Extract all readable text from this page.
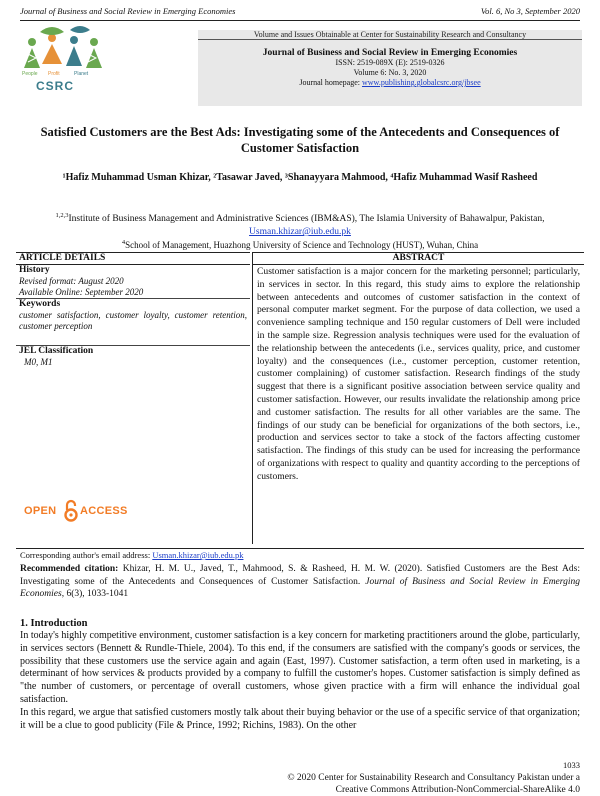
Journal of Business and Social Review in Emerging Economies	Vol. 6, No 3, September 2020
People Profit	Planet
CSRC
Volume and Issues Obtainable at Center for Sustainability Research and Consultancy
Journal of Business and Social Review in Emerging Economies
ISSN: 2519-089X (E): 2519-0326
Volume 6: No. 3, 2020
Journal homepage: www.publishing.globalcsrc.org/jbsee
Satisfied Customers are the Best Ads: Investigating some of the Antecedents and Consequences of Customer Satisfaction
¹Hafiz Muhammad Usman Khizar, ²Tasawar Javed, ³Shanayyara Mahmood, ⁴Hafiz Muhammad Wasif Rasheed
$^{1,2,3}$Institute of Business Management and Administrative Sciences (IBM&AS), The Islamia University of Bahawalpur, Pakistan, Usman.khizar@iub.edu.pk
$^4$School of Management, Huazhong University of Science and Technology (HUST), Wuhan, China
ARTICLE DETAILS
History
Revised format: August 2020
Available Online: September 2020
Keywords
customer satisfaction, customer loyalty, customer retention, customer perception
JEL Classification
M0, M1
OPEN ACCESS
ABSTRACT
Customer satisfaction is a major concern for the marketing personnel; particularly, in services in sector. In this regard, this study aims to explore the relationship between antecedents and outcomes of customer satisfaction in the context of personal computer market segment. For the purpose of data collection, we used a convenience sampling technique and 150 regular customers of Dell were included in the sample size. Regression analysis techniques were used for the evaluation of the relationship between the antecedents (i.e., services quality, price, and customer loyalty) and the consequences (i.e., customer perception, customer retention, customer complaining) of customer satisfaction. Research findings of the study suggest that there is a significant positive association between service quality and customer satisfaction. However, our results invalidate the relationship among price and customer satisfaction. The results for all other variables are the same. The findings of our study can be beneficial for organizations of the both sectors, i.e., production and services sector to take a stock of the factors affecting customer satisfaction. The findings of this study can be used for increasing the performance of organizations with respect to quality and quantity according to the perceptions of customers.
© 2020 Center for Sustainability Research and Consultancy Pakistan under a Creative Commons Attribution-NonCommercial-ShareAlike 4.0
Corresponding author's email address: Usman.khizar@iub.edu.pk
Recommended citation: Khizar, H. M. U., Javed, T., Mahmood, S. & Rasheed, H. M. W. (2020). Satisfied Customers are the Best Ads: Investigating some of the Antecedents and Consequences of Customer Satisfaction. Journal of Business and Social Review in Emerging Economies, 6(3), 1033-1041
1. Introduction

In today's highly competitive environment, customer satisfaction is a key concern for marketing practitioners around the globe, particularly, in services sectors (Bennett & Rundle-Thiele, 2004). To this end, if the consumers are satisfied with the company's goods or services, the possibility that these customers use the service again and again (East, 1997). Customer satisfaction, a term often used in marketing, is a determinant of how services & products provided by a company to fulfill the customer's hopes. Customer satisfaction is simply defined as "the number of customers, or percentage of overall customers, whose given practice with a firm will enhance the individual goal satisfaction.

In this regard, we argue that satisfied customers mostly talk about their buying behavior or the use of a specific service of that organization; it will be a clue to good publicity (File & Prince, 1992; Richins, 1983). On the other

1033
